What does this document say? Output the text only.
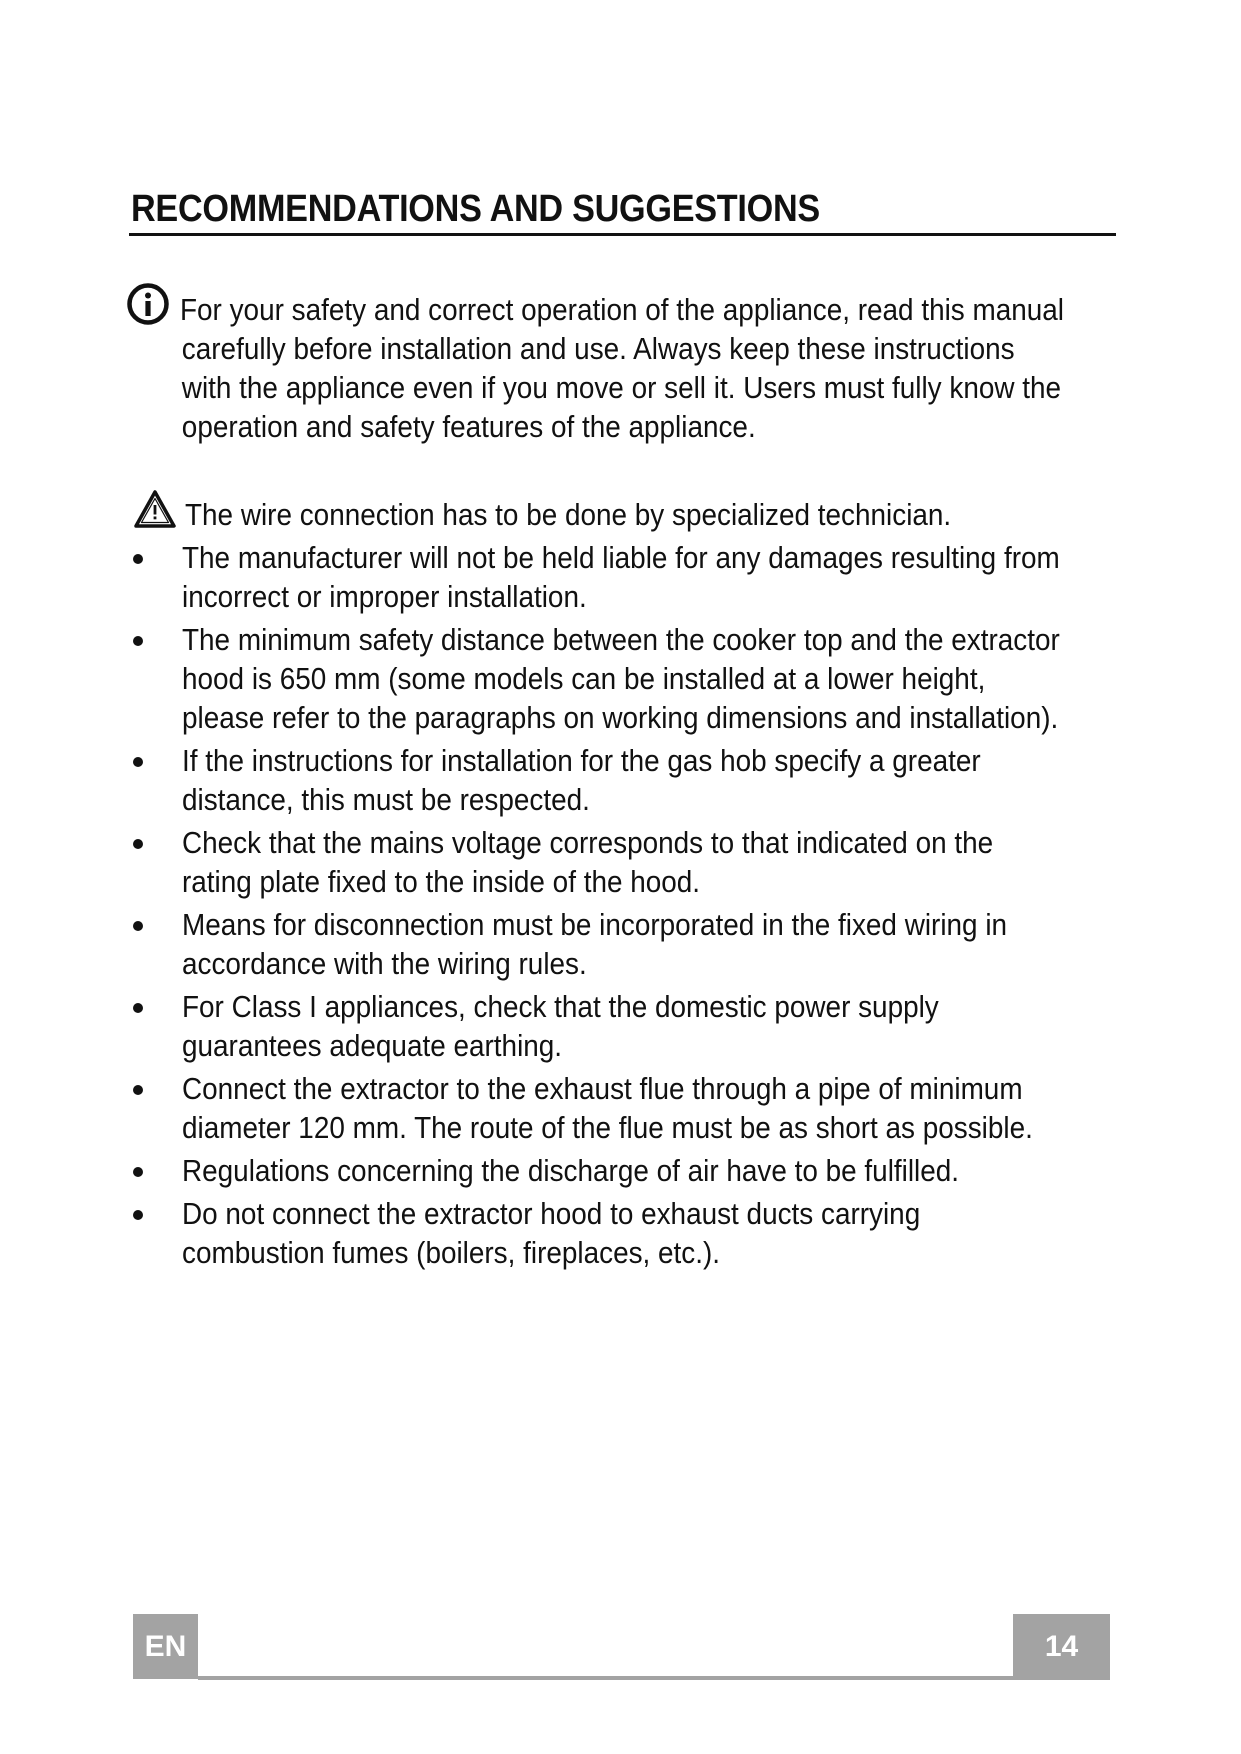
RECOMMENDATIONS AND SUGGESTIONS

For your safety and correct operation of the appliance, read this manual
carefully before installation and use. Always keep these instructions
with the appliance even if you move or sell it. Users must fully know the
operation and safety features of the appliance.

The wire connection has to be done by specialized technician.

The manufacturer will not be held liable for any damages resulting from
incorrect or improper installation.
The minimum safety distance between the cooker top and the extractor
hood is 650 mm (some models can be installed at a lower height,
please refer to the paragraphs on working dimensions and installation).
If the instructions for installation for the gas hob specify a greater
distance, this must be respected.
Check that the mains voltage corresponds to that indicated on the
rating plate fixed to the inside of the hood.
Means for disconnection must be incorporated in the fixed wiring in
accordance with the wiring rules.
For Class I appliances, check that the domestic power supply
guarantees adequate earthing.
Connect the extractor to the exhaust flue through a pipe of minimum
diameter 120 mm. The route of the flue must be as short as possible.
Regulations concerning the discharge of air have to be fulfilled.
Do not connect the extractor hood to exhaust ducts carrying
combustion fumes (boilers, fireplaces, etc.).
EN	14
